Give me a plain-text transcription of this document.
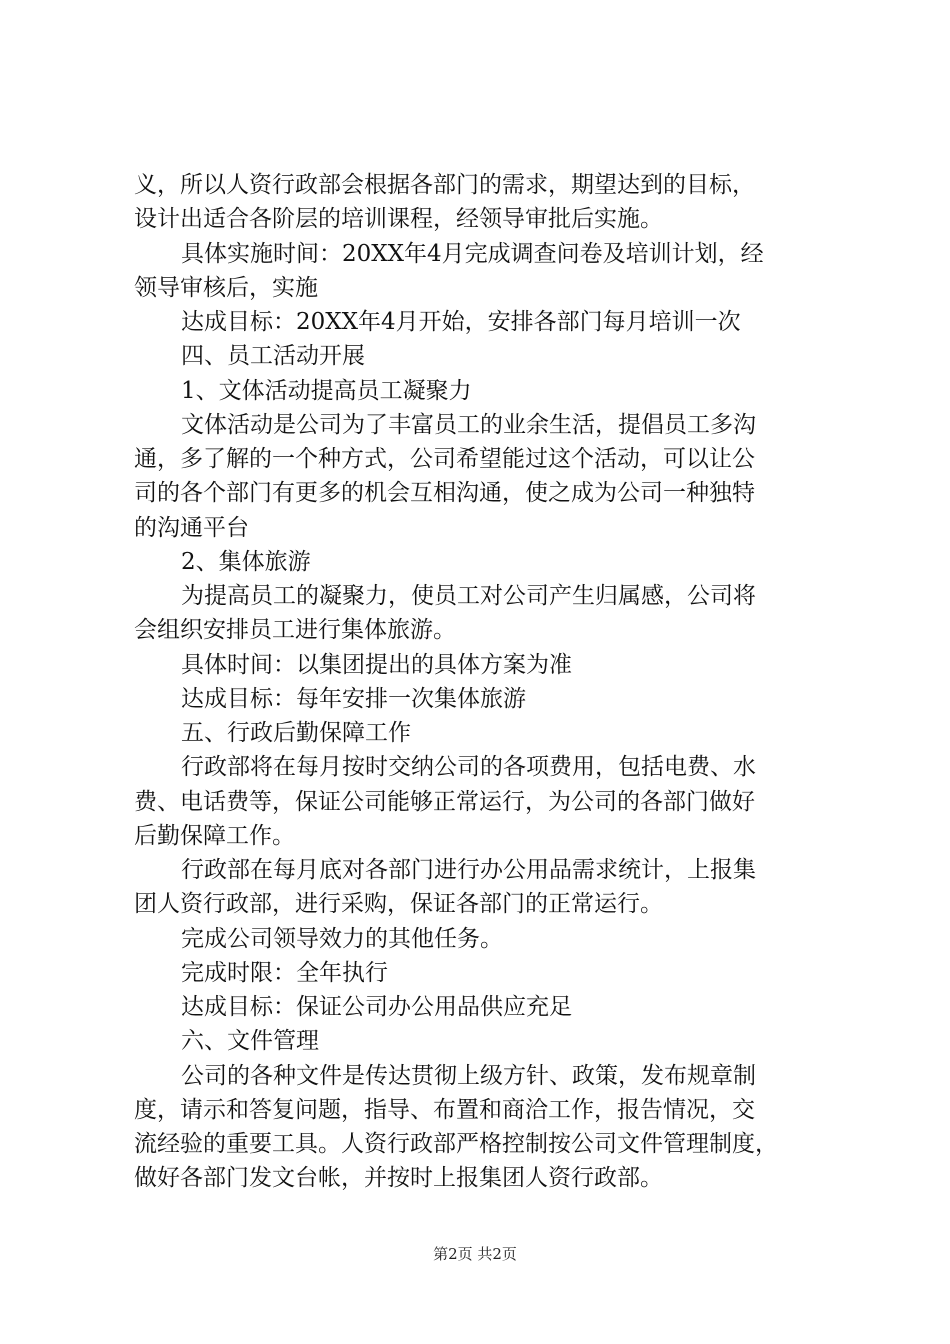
义，所以人资行政部会根据各部门的需求，期望达到的目标，
设计出适合各阶层的培训课程，经领导审批后实施。
具体实施时间：20XX年4月完成调查问卷及培训计划，经
领导审核后，实施
达成目标：20XX年4月开始，安排各部门每月培训一次
四、员工活动开展
1、文体活动提高员工凝聚力
文体活动是公司为了丰富员工的业余生活，提倡员工多沟
通，多了解的一个种方式，公司希望能过这个活动，可以让公
司的各个部门有更多的机会互相沟通，使之成为公司一种独特
的沟通平台
2、集体旅游
为提高员工的凝聚力，使员工对公司产生归属感，公司将
会组织安排员工进行集体旅游。
具体时间：以集团提出的具体方案为准
达成目标：每年安排一次集体旅游
五、行政后勤保障工作
行政部将在每月按时交纳公司的各项费用，包括电费、水
费、电话费等，保证公司能够正常运行，为公司的各部门做好
后勤保障工作。
行政部在每月底对各部门进行办公用品需求统计，上报集
团人资行政部，进行采购，保证各部门的正常运行。
完成公司领导效力的其他任务。
完成时限：全年执行
达成目标：保证公司办公用品供应充足
六、文件管理
公司的各种文件是传达贯彻上级方针、政策，发布规章制
度，请示和答复问题，指导、布置和商洽工作，报告情况，交
流经验的重要工具。人资行政部严格控制按公司文件管理制度，
做好各部门发文台帐，并按时上报集团人资行政部。
第2页 共2页
